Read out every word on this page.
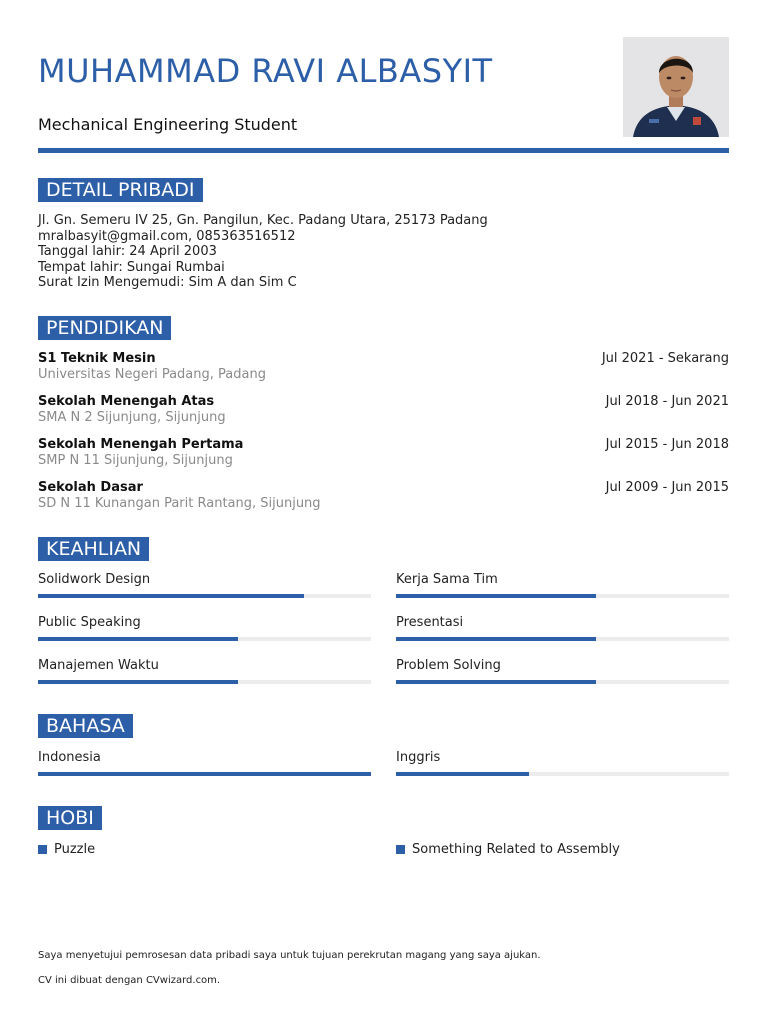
MUHAMMAD RAVI ALBASYIT
Mechanical Engineering Student
DETAIL PRIBADI
Jl. Gn. Semeru IV 25, Gn. Pangilun, Kec. Padang Utara, 25173 Padang
mralbasyit@gmail.com, 085363516512
Tanggal lahir: 24 April 2003
Tempat lahir: Sungai Rumbai
Surat Izin Mengemudi: Sim A dan Sim C
PENDIDIKAN
S1 Teknik Mesin	Jul 2021 - Sekarang
Universitas Negeri Padang, Padang
Sekolah Menengah Atas	Jul 2018 - Jun 2021
SMA N 2 Sijunjung, Sijunjung
Sekolah Menengah Pertama	Jul 2015 - Jun 2018
SMP N 11 Sijunjung, Sijunjung
Sekolah Dasar	Jul 2009 - Jun 2015
SD N 11 Kunangan Parit Rantang, Sijunjung
KEAHLIAN
Solidwork Design	Kerja Sama Tim
Public Speaking	Presentasi
Manajemen Waktu	Problem Solving
BAHASA
Indonesia	Inggris
HOBI
Puzzle	Something Related to Assembly
Saya menyetujui pemrosesan data pribadi saya untuk tujuan perekrutan magang yang saya ajukan.
CV ini dibuat dengan CVwizard.com.
